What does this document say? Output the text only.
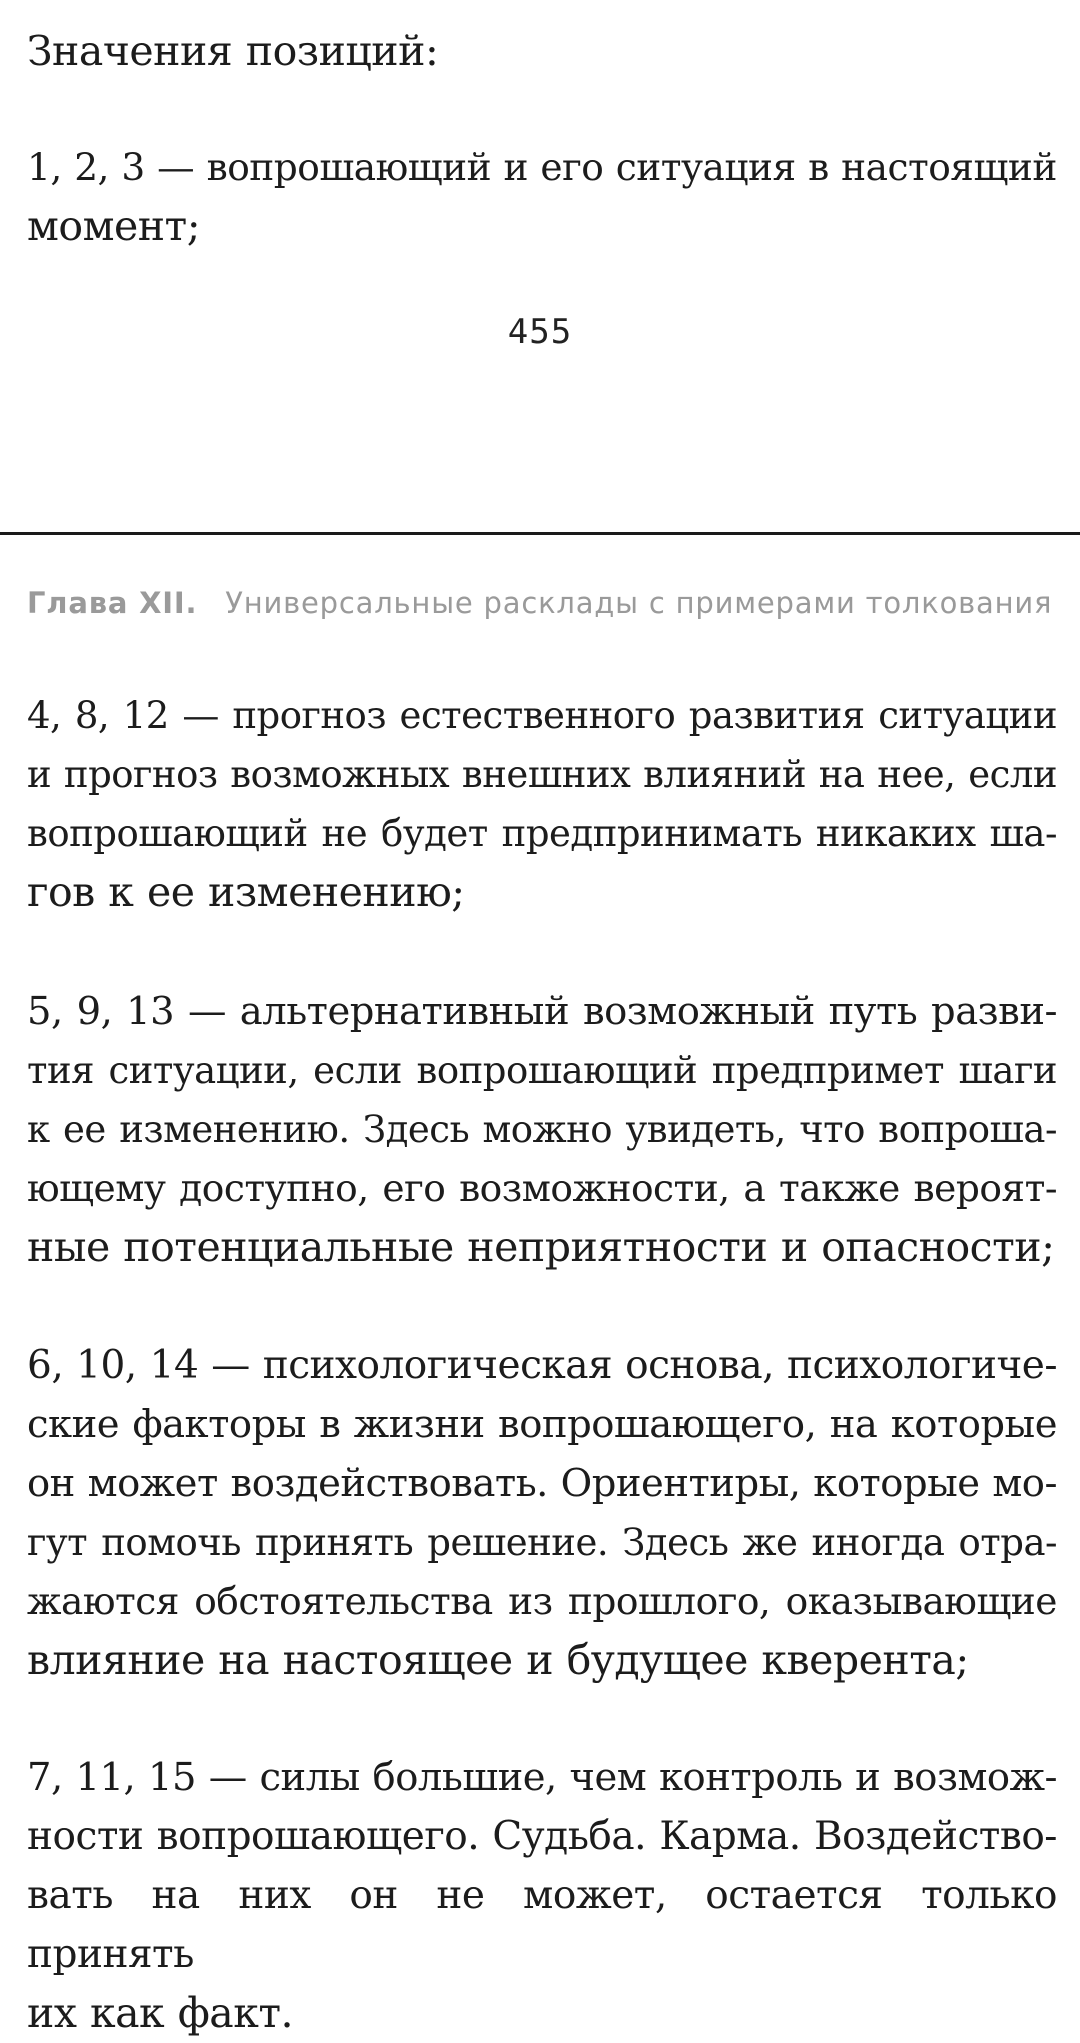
Значения позиций:

1, 2, 3 — вопрошающий и его ситуация в настоящий
момент;

455
Глава XII. Универсальные расклады с примерами толкования

4, 8, 12 — прогноз естественного развития ситуации
и прогноз возможных внешних влияний на нее, если
вопрошающий не будет предпринимать никаких ша-
гов к ее изменению;

5, 9, 13 — альтернативный возможный путь разви-
тия ситуации, если вопрошающий предпримет шаги
к ее изменению. Здесь можно увидеть, что вопроша-
ющему доступно, его возможности, а также вероят-
ные потенциальные неприятности и опасности;

6, 10, 14 — психологическая основа, психологиче-
ские факторы в жизни вопрошающего, на которые
он может воздействовать. Ориентиры, которые мо-
гут помочь принять решение. Здесь же иногда отра-
жаются обстоятельства из прошлого, оказывающие
влияние на настоящее и будущее кверента;

7, 11, 15 — силы большие, чем контроль и возмож-
ности вопрошающего. Судьба. Карма. Воздейство-
вать на них он не может, остается только принять
их как факт.
